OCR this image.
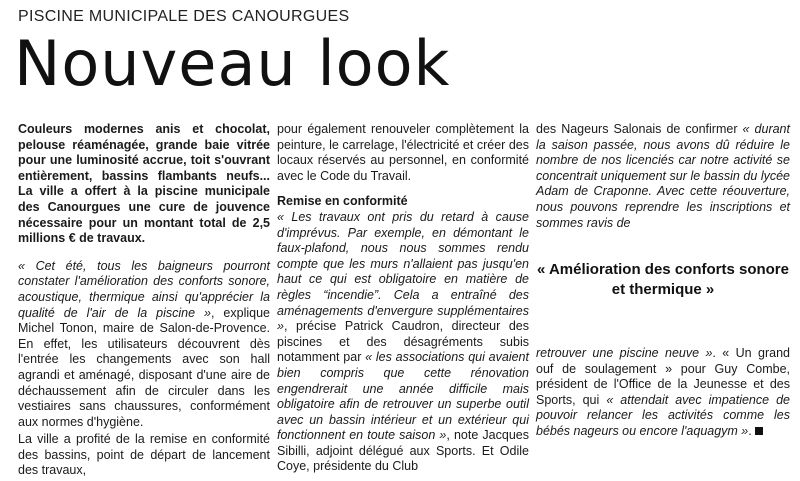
PISCINE MUNICIPALE DES CANOURGUES
Nouveau look

Couleurs modernes anis et chocolat, pelouse réaménagée, grande baie vitrée pour une luminosité accrue, toit s'ouvrant entièrement, bassins flambants neufs... La ville a offert à la piscine municipale des Canourgues une cure de jouvence nécessaire pour un montant total de 2,5 millions € de travaux.

« Cet été, tous les baigneurs pourront constater l'amélioration des conforts sonore, acoustique, thermique ainsi qu'apprécier la qualité de l'air de la piscine », explique Michel Tonon, maire de Salon-de-Provence. En effet, les utilisateurs découvrent dès l'entrée les changements avec son hall agrandi et aménagé, disposant d'une aire de déchaussement afin de circuler dans les vestiaires sans chaussures, conformément aux normes d'hygiène.

La ville a profité de la remise en conformité des bassins, point de départ de lancement des travaux,

pour également renouveler complètement la peinture, le carrelage, l'électricité et créer des locaux réservés au personnel, en conformité avec le Code du Travail.

Remise en conformité

« Les travaux ont pris du retard à cause d'imprévus. Par exemple, en démontant le faux-plafond, nous nous sommes rendu compte que les murs n'allaient pas jusqu'en haut ce qui est obligatoire en matière de règles “incendie”. Cela a entraîné des aménagements d'envergure supplémentaires », précise Patrick Caudron, directeur des piscines et des désagréments subis notamment par « les associations qui avaient bien compris que cette rénovation engendrerait une année difficile mais obligatoire afin de retrouver un superbe outil avec un bassin intérieur et un extérieur qui fonctionnent en toute saison », note Jacques Sibilli, adjoint délégué aux Sports. Et Odile Coye, présidente du Club

des Nageurs Salonais de confirmer « durant la saison passée, nous avons dû réduire le nombre de nos licenciés car notre activité se concentrait uniquement sur le bassin du lycée Adam de Craponne. Avec cette réouverture, nous pouvons reprendre les inscriptions et sommes ravis de

« Amélioration des conforts sonore et thermique »

retrouver une piscine neuve ». « Un grand ouf de soulagement » pour Guy Combe, président de l'Office de la Jeunesse et des Sports, qui « attendait avec impatience de pouvoir relancer les activités comme les bébés nageurs ou encore l'aquagym ».
